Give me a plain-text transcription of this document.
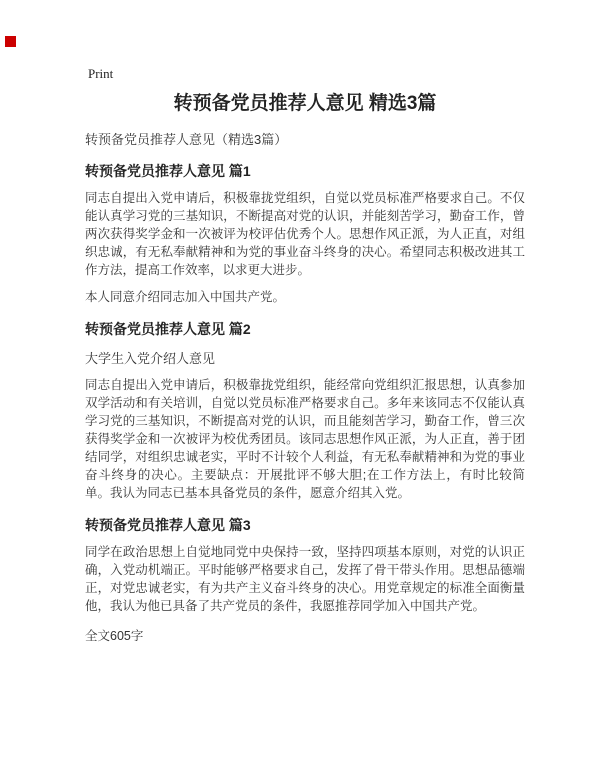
Print
转预备党员推荐人意见 精选3篇

转预备党员推荐人意见（精选3篇）

转预备党员推荐人意见 篇1

同志自提出入党申请后，积极靠拢党组织，自觉以党员标准严格要求自己。不仅能认真学习党的三基知识，不断提高对党的认识，并能刻苦学习，勤奋工作，曾两次获得奖学金和一次被评为校评估优秀个人。思想作风正派，为人正直，对组织忠诚，有无私奉献精神和为党的事业奋斗终身的决心。希望同志积极改进其工作方法，提高工作效率，以求更大进步。

本人同意介绍同志加入中国共产党。

转预备党员推荐人意见 篇2

大学生入党介绍人意见

同志自提出入党申请后，积极靠拢党组织，能经常向党组织汇报思想，认真参加双学活动和有关培训，自觉以党员标准严格要求自己。多年来该同志不仅能认真学习党的三基知识，不断提高对党的认识，而且能刻苦学习，勤奋工作，曾三次获得奖学金和一次被评为校优秀团员。该同志思想作风正派，为人正直，善于团结同学，对组织忠诚老实，平时不计较个人利益，有无私奉献精神和为党的事业奋斗终身的决心。主要缺点：开展批评不够大胆;在工作方法上，有时比较简单。我认为同志已基本具备党员的条件，愿意介绍其入党。

转预备党员推荐人意见 篇3

同学在政治思想上自觉地同党中央保持一致，坚持四项基本原则，对党的认识正确，入党动机端正。平时能够严格要求自己，发挥了骨干带头作用。思想品德端正，对党忠诚老实，有为共产主义奋斗终身的决心。用党章规定的标准全面衡量他，我认为他已具备了共产党员的条件，我愿推荐同学加入中国共产党。

全文605字
